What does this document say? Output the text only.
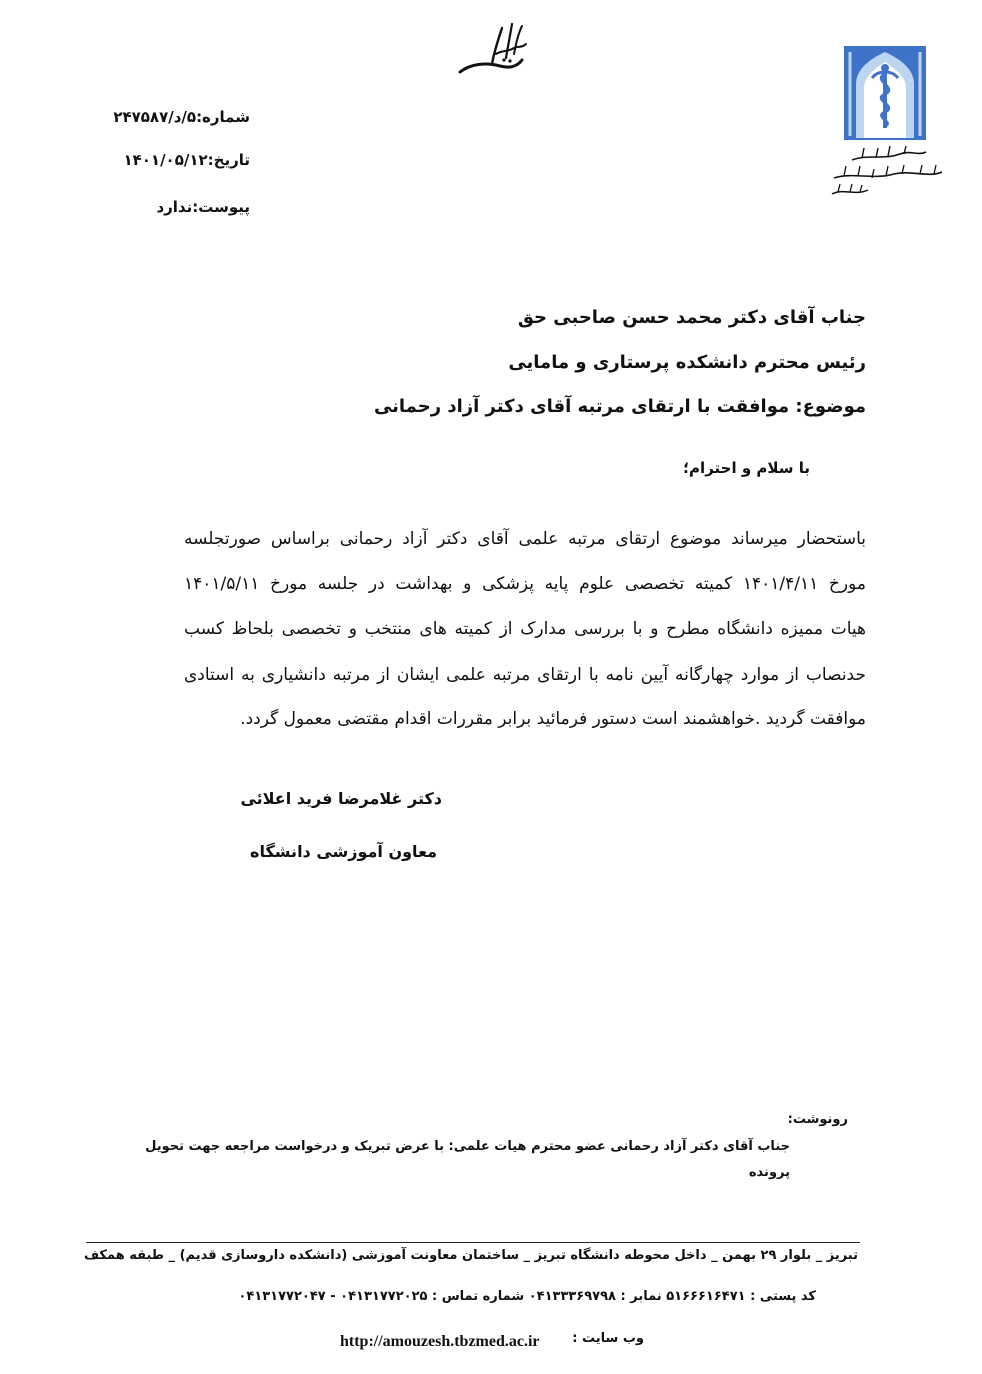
شماره:۵/د/۲۴۷۵۸۷
تاریخ:۱۴۰۱/۰۵/۱۲
پیوست:ندارد
جناب آقای دکتر محمد حسن صاحبی حق
رئیس محترم دانشکده پرستاری و مامایی
موضوع: موافقت با ارتقای مرتبه آقای دکتر آزاد رحمانی
با سلام و احترام؛
باستحضار میرساند موضوع ارتقای مرتبه علمی آقای دکتر آزاد رحمانی براساس صورتجلسه
مورخ ۱۴۰۱/۴/۱۱ کمیته تخصصی علوم پایه پزشکی و بهداشت در جلسه مورخ ۱۴۰۱/۵/۱۱
هیات ممیزه دانشگاه مطرح و با بررسی مدارک از کمیته های منتخب و تخصصی بلحاظ کسب
حدنصاب از موارد چهارگانه آیین نامه با ارتقای مرتبه علمی ایشان از مرتبه دانشیاری به استادی
موافقت گردید .خواهشمند است دستور فرمائید برابر مقررات اقدام مقتضی معمول گردد.
دکتر غلامرضا فرید اعلائی
معاون آموزشی دانشگاه
رونوشت:
جناب آقای دکتر آزاد رحمانی عضو محترم هیات علمی: با عرض تبریک و درخواست مراجعه جهت تحویل
پرونده
تبریز _ بلوار ۲۹ بهمن _ داخل محوطه دانشگاه تبریز _ ساختمان معاونت آموزشی (دانشکده داروسازی قدیم) _ طبقه همکف
کد پستی : ۵۱۶۶۶۱۶۴۷۱ نمابر : ۰۴۱۳۳۳۶۹۷۹۸ شماره تماس : ۰۴۱۳۱۷۷۲۰۲۵ - ۰۴۱۳۱۷۷۲۰۴۷
وب سایت :
http://amouzesh.tbzmed.ac.ir
